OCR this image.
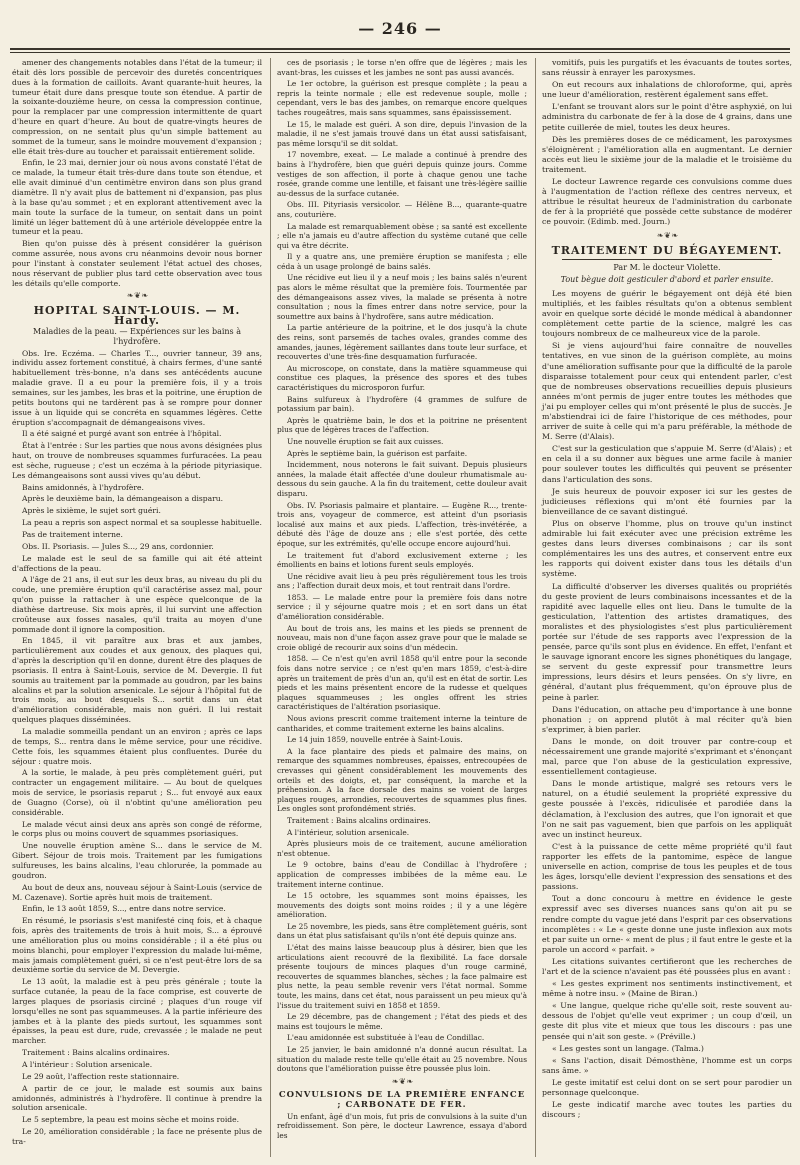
— 246 —

amener des changements notables dans l'état de la tumeur; il était dès lors possible de percevoir des duretés concentriques dues à la formation de cailloits. Avant quarante-huit heures, la tumeur était dure dans presque toute son étendue. A partir de la soixante-douzième heure, on cessa la compression continue, pour la remplacer par une compression intermittente de quart d'heure en quart d'heure. Au bout de quatre-vingts heures de compression, on ne sentait plus qu'un simple battement au sommet de la tumeur, sans le moindre mouvement d'expansion ; elle était très-dure au toucher et paraissait entièrement solide.

Enfin, le 23 mai, dernier jour où nous avons constaté l'état de ce malade, la tumeur était très-dure dans toute son étendue, et elle avait diminué d'un centimètre environ dans son plus grand diamètre. Il n'y avait plus de battement ni d'expansion, pas plus à la base qu'au sommet ; et en explorant attentivement avec la main toute la surface de la tumeur, on sentait dans un point limité un léger battement dû à une artériole développée entre la tumeur et la peau.

Bien qu'on puisse dès à présent considérer la guérison comme assurée, nous avons cru néanmoins devoir nous borner pour l'instant à constater seulement l'état actuel des choses, nous réservant de publier plus tard cette observation avec tous les détails qu'elle comporte.

❧ ❦ ❧
HOPITAL SAINT-LOUIS. — M. Hardy.
Maladies de la peau. — Expériences sur les bains à l'hydrofère.

Obs. Ire. Eczéma. — Charles T..., ouvrier tanneur, 39 ans, individu assez fortement constitué, à chairs fermes, d'une santé habituellement très-bonne, n'a dans ses antécédents aucune maladie grave. Il a eu pour la première fois, il y a trois semaines, sur les jambes, les bras et la poitrine, une éruption de petits boutons qui ne tardèrent pas à se rompre pour donner issue à un liquide qui se concréta en squammes légères. Cette éruption s'accompagnait de démangeaisons vives.

Il a été saigné et purgé avant son entrée à l'hôpital.

État à l'entrée : Sur les parties que nous avons désignées plus haut, on trouve de nombreuses squammes furfuracées. La peau est sèche, rugueuse ; c'est un eczéma à la période pityriasique. Les démangeaisons sont aussi vives qu'au début.

Bains amidonnés, à l'hydrofère.

Après le deuxième bain, la démangeaison a disparu.

Après le sixième, le sujet sort guéri.

La peau a repris son aspect normal et sa souplesse habituelle.

Pas de traitement interne.

Obs. II. Psoriasis. — Jules S..., 29 ans, cordonnier.

Le malade est le seul de sa famille qui ait été atteint d'affections de la peau.

A l'âge de 21 ans, il eut sur les deux bras, au niveau du pli du coude, une première éruption qu'il caractérise assez mal, pour qu'on puisse la rattacher à une espèce quelconque de la diathèse dartreuse. Six mois après, il lui survint une affection croûteuse aux fosses nasales, qu'il traita au moyen d'une pommade dont il ignore la composition.

En 1845, il vit paraître aux bras et aux jambes, particulièrement aux coudes et aux genoux, des plaques qui, d'après la description qu'il en donne, durent être des plaques de psoriasis. Il entra à Saint-Louis, service de M. Devergie. Il fut soumis au traitement par la pommade au goudron, par les bains alcalins et par la solution arsenicale. Le séjour à l'hôpital fut de trois mois, au bout desquels S... sortit dans un état d'amélioration considérable, mais non guéri. Il lui restait quelques plaques disséminées.

La maladie sommeilla pendant un an environ ; après ce laps de temps, S... rentra dans le même service, pour une récidive. Cette fois, les squammes étaient plus confluentes. Durée du séjour : quatre mois.

A la sortie, le malade, à peu près complètement guéri, put contracter un engagement militaire. — Au bout de quelques mois de service, le psoriasis reparut ; S... fut envoyé aux eaux de Guagno (Corse), où il n'obtint qu'une amélioration peu considérable.

Le malade vécut ainsi deux ans après son congé de réforme, le corps plus ou moins couvert de squammes psoriasiques.

Une nouvelle éruption amène S... dans le service de M. Gibert. Séjour de trois mois. Traitement par les fumigations sulfureuses, les bains alcalins, l'eau chlorurée, la pommade au goudron.

Au bout de deux ans, nouveau séjour à Saint-Louis (service de M. Cazenave). Sortie après huit mois de traitement.

Enfin, le 13 août 1859, S..., entre dans notre service.

En résumé, le psoriasis s'est manifesté cinq fois, et à chaque fois, après des traitements de trois à huit mois, S... a éprouvé une amélioration plus ou moins considérable ; il a été plus ou moins blanchi, pour employer l'expression du malade lui-même, mais jamais complètement guéri, si ce n'est peut-être lors de sa deuxième sortie du service de M. Devergie.

Le 13 août, la maladie est à peu près générale ; toute la surface cutanée, la peau de la face comprise, est couverte de larges plaques de psoriasis circiné ; plaques d'un rouge vif lorsqu'elles ne sont pas squammeuses. A la partie inférieure des jambes et à la plante des pieds surtout, les squammes sont épaisses, la peau est dure, rude, crevassée ; le malade ne peut marcher.

Traitement : Bains alcalins ordinaires.

A l'intérieur : Solution arsenicale.

Le 29 août, l'affection reste stationnaire.

A partir de ce jour, le malade est soumis aux bains amidonnés, administrés à l'hydrofère. Il continue à prendre la solution arsenicale.

Le 5 septembre, la peau est moins sèche et moins roide.

Le 20, amélioration considérable ; la face ne présente plus de tra-

ces de psoriasis ; le torse n'en offre que de légères ; mais les avant-bras, les cuisses et les jambes ne sont pas aussi avancés.

Le 1er octobre, la guérison est presque complète ; la peau a repris la teinte normale ; elle est redevenue souple, molle ; cependant, vers le bas des jambes, on remarque encore quelques taches rougeâtres, mais sans squammes, sans épaississement.

Le 15, le malade est guéri. A son dire, depuis l'invasion de la maladie, il ne s'est jamais trouvé dans un état aussi satisfaisant, pas même lorsqu'il se dit soldat.

17 novembre, exeat. — Le malade a continué à prendre des bains à l'hydrofère, bien que guéri depuis quinze jours. Comme vestiges de son affection, il porte à chaque genou une tache rosée, grande comme une lentille, et faisant une très-légère saillie au-dessus de la surface cutanée.

Obs. III. Pityriasis versicolor. — Hélène B..., quarante-quatre ans, couturière.

La malade est remarquablement obèse ; sa santé est excellente ; elle n'a jamais eu d'autre affection du système cutané que celle qui va être décrite.

Il y a quatre ans, une première éruption se manifesta ; elle céda à un usage prolongé de bains salés.

Une récidive eut lieu il y a neuf mois ; les bains salés n'eurent pas alors le même résultat que la première fois. Tourmentée par des démangeaisons assez vives, la malade se présenta à notre consultation ; nous la fîmes entrer dans notre service, pour la soumettre aux bains à l'hydrofère, sans autre médication.

La partie antérieure de la poitrine, et le dos jusqu'à la chute des reins, sont parsemés de taches ovales, grandes comme des amandes, jaunes, légèrement saillantes dans toute leur surface, et recouvertes d'une très-fine desquamation furfuracée.

Au microscope, on constate, dans la matière squammeuse qui constitue ces plaques, la présence des spores et des tubes caractéristiques du microsporon furfur.

Bains sulfureux à l'hydrofère (4 grammes de sulfure de potassium par bain).

Après le quatrième bain, le dos et la poitrine ne présentent plus que de légères traces de l'affection.

Une nouvelle éruption se fait aux cuisses.

Après le septième bain, la guérison est parfaite.

Incidemment, nous noterons le fait suivant. Depuis plusieurs années, la malade était affectée d'une douleur rhumatismale au-dessous du sein gauche. A la fin du traitement, cette douleur avait disparu.

Obs. IV. Psoriasis palmaire et plantaire. — Eugène R..., trente-trois ans, voyageur de commerce, est atteint d'un psoriasis localisé aux mains et aux pieds. L'affection, très-invétérée, a débuté dès l'âge de douze ans ; elle s'est portée, dès cette époque, sur les extrémités, qu'elle occupe encore aujourd'hui.

Le traitement fut d'abord exclusivement externe ; les émollients en bains et lotions furent seuls employés.

Une récidive avait lieu à peu près régulièrement tous les trois ans ; l'affection durait deux mois, et tout rentrait dans l'ordre.

1853. — Le malade entre pour la première fois dans notre service ; il y séjourne quatre mois ; et en sort dans un état d'amélioration considérable.

Au bout de trois ans, les mains et les pieds se prennent de nouveau, mais non d'une façon assez grave pour que le malade se croie obligé de recourir aux soins d'un médecin.

1858. — Ce n'est qu'en avril 1858 qu'il entre pour la seconde fois dans notre service ; ce n'est qu'en mars 1859, c'est-à-dire après un traitement de près d'un an, qu'il est en état de sortir. Les pieds et les mains présentent encore de la rudesse et quelques plaques squammeuses ; les ongles offrent les stries caractéristiques de l'altération psoriasique.

Nous avions prescrit comme traitement interne la teinture de cantharides, et comme traitement externe les bains alcalins.

Le 14 juin 1859, nouvelle entrée à Saint-Louis.

A la face plantaire des pieds et palmaire des mains, on remarque des squammes nombreuses, épaisses, entrecoupées de crevasses qui gênent considérablement les mouvements des orteils et des doigts, et, par conséquent, la marche et la préhension. A la face dorsale des mains se voient de larges plaques rouges, arrondies, recouvertes de squammes plus fines. Les ongles sont profondément striés.

Traitement : Bains alcalins ordinaires.

A l'intérieur, solution arsenicale.

Après plusieurs mois de ce traitement, aucune amélioration n'est obtenue.

Le 9 octobre, bains d'eau de Condillac à l'hydrofère ; application de compresses imbibées de la même eau. Le traitement interne continue.

Le 15 octobre, les squammes sont moins épaisses, les mouvements des doigts sont moins roides ; il y a une légère amélioration.

Le 25 novembre, les pieds, sans être complètement guéris, sont dans un état plus satisfaisant qu'ils n'ont été depuis quinze ans.

L'état des mains laisse beaucoup plus à désirer, bien que les articulations aient recouvré de la flexibilité. La face dorsale présente toujours de minces plaques d'un rouge carminé, recouvertes de squammes blanches, sèches ; la face palmaire est plus nette, la peau semble revenir vers l'état normal. Somme toute, les mains, dans cet état, nous paraissent un peu mieux qu'à l'issue du traitement suivi en 1858 et 1859.

Le 29 décembre, pas de changement ; l'état des pieds et des mains est toujours le même.

L'eau amidonnée est substituée à l'eau de Condillac.

Le 25 janvier, le bain amidonné n'a donné aucun résultat. La situation du malade reste telle qu'elle était au 25 novembre. Nous doutons que l'amélioration puisse être poussée plus loin.

❧ ❦ ❧
CONVULSIONS DE LA PREMIÈRE ENFANCE ; CARBONATE DE FER.

Un enfant, âgé d'un mois, fut pris de convulsions à la suite d'un refroidissement. Son père, le docteur Lawrence, essaya d'abord les

vomitifs, puis les purgatifs et les évacuants de toutes sortes, sans réussir à enrayer les paroxysmes.

On eut recours aux inhalations de chloroforme, qui, après une lueur d'amélioration, restèrent également sans effet.

L'enfant se trouvant alors sur le point d'être asphyxié, on lui administra du carbonate de fer à la dose de 4 grains, dans une petite cuillerée de miel, toutes les deux heures.

Dès les premières doses de ce médicament, les paroxysmes s'éloignèrent ; l'amélioration alla en augmentant. Le dernier accès eut lieu le sixième jour de la maladie et le troisième du traitement.

Le docteur Lawrence regarde ces convulsions comme dues à l'augmentation de l'action réflexe des centres nerveux, et attribue le résultat heureux de l'administration du carbonate de fer à la propriété que possède cette substance de modérer ce pouvoir. (Edimb. med. Journ.)

❧ ❦ ❧
TRAITEMENT DU BÉGAYEMENT.
Par M. le docteur Violette.
Tout bègue doit gesticuler d'abord et parler ensuite.

Les moyens de guérir le bégayement ont déjà été bien multipliés, et les faibles résultats qu'on a obtenus semblent avoir en quelque sorte décidé le monde médical à abandonner complètement cette partie de la science, malgré les cas toujours nombreux de ce malheureux vice de la parole.

Si je viens aujourd'hui faire connaître de nouvelles tentatives, en vue sinon de la guérison complète, au moins d'une amélioration suffisante pour que la difficulté de la parole disparaisse totalement pour ceux qui entendent parler, c'est que de nombreuses observations recueillies depuis plusieurs années m'ont permis de juger entre toutes les méthodes que j'ai pu employer celles qui m'ont présenté le plus de succès. Je m'abstiendrai ici de faire l'historique de ces méthodes, pour arriver de suite à celle qui m'a paru préférable, la méthode de M. Serre (d'Alais).

C'est sur la gesticulation que s'appuie M. Serre (d'Alais) ; et en cela il a su donner aux bègues une arme facile à manier pour soulever toutes les difficultés qui peuvent se présenter dans l'articulation des sons.

Je suis heureux de pouvoir exposer ici sur les gestes de judicieuses réflexions qui m'ont été fournies par la bienveillance de ce savant distingué.

Plus on observe l'homme, plus on trouve qu'un instinct admirable lui fait exécuter avec une précision extrême les gestes dans leurs diverses combinaisons ; car ils sont complémentaires les uns des autres, et conservent entre eux les rapports qui doivent exister dans tous les détails d'un système.

La difficulté d'observer les diverses qualités ou propriétés du geste provient de leurs combinaisons incessantes et de la rapidité avec laquelle elles ont lieu. Dans le tumulte de la gesticulation, l'attention des artistes dramatiques, des moralistes et des physiologistes s'est plus particulièrement portée sur l'étude de ses rapports avec l'expression de la pensée, parce qu'ils sont plus en évidence. En effet, l'enfant et le sauvage ignorant encore les signes phonétiques du langage, se servent du geste expressif pour transmettre leurs impressions, leurs désirs et leurs pensées. On s'y livre, en général, d'autant plus fréquemment, qu'on éprouve plus de peine à parler.

Dans l'éducation, on attache peu d'importance à une bonne phonation ; on apprend plutôt à mal réciter qu'à bien s'exprimer, à bien parler.

Dans le monde, on doit trouver par contre-coup et nécessairement une grande majorité s'exprimant et s'énonçant mal, parce que l'on abuse de la gesticulation expressive, essentiellement contagieuse.

Dans le monde artistique, malgré ses retours vers le naturel, on a étudié seulement la propriété expressive du geste poussée à l'excès, ridiculisée et parodiée dans la déclamation, à l'exclusion des autres, que l'on ignorait et que l'on ne sait pas vaguement, bien que parfois on les appliquât avec un instinct heureux.

C'est à la puissance de cette même propriété qu'il faut rapporter les effets de la pantomime, espèce de langue universelle en action, comprise de tous les peuples et de tous les âges, lorsqu'elle devient l'expression des sensations et des passions.

Tout a donc concouru à mettre en évidence le geste expressif avec ses diverses nuances sans qu'on ait pu se rendre compte du vague jeté dans l'esprit par ces observations incomplètes : « Le « geste donne une juste inflexion aux mots et par suite un orne- « ment de plus ; il faut entre le geste et la parole un accord « parfait. »

Les citations suivantes certifieront que les recherches de l'art et de la science n'avaient pas été poussées plus en avant :

« Les gestes expriment nos sentiments instinctivement, et même à notre insu. » (Maine de Biran.)

« Une langue, quelque riche qu'elle soit, reste souvent au-dessous de l'objet qu'elle veut exprimer ; un coup d'œil, un geste dit plus vite et mieux que tous les discours : pas une pensée qui n'ait son geste. » (Préville.)

« Les gestes sont un langage. (Talma.)

« Sans l'action, disait Démosthène, l'homme est un corps sans âme. »

Le geste imitatif est celui dont on se sert pour parodier un personnage quelconque.

Le geste indicatif marche avec toutes les parties du discours ;
